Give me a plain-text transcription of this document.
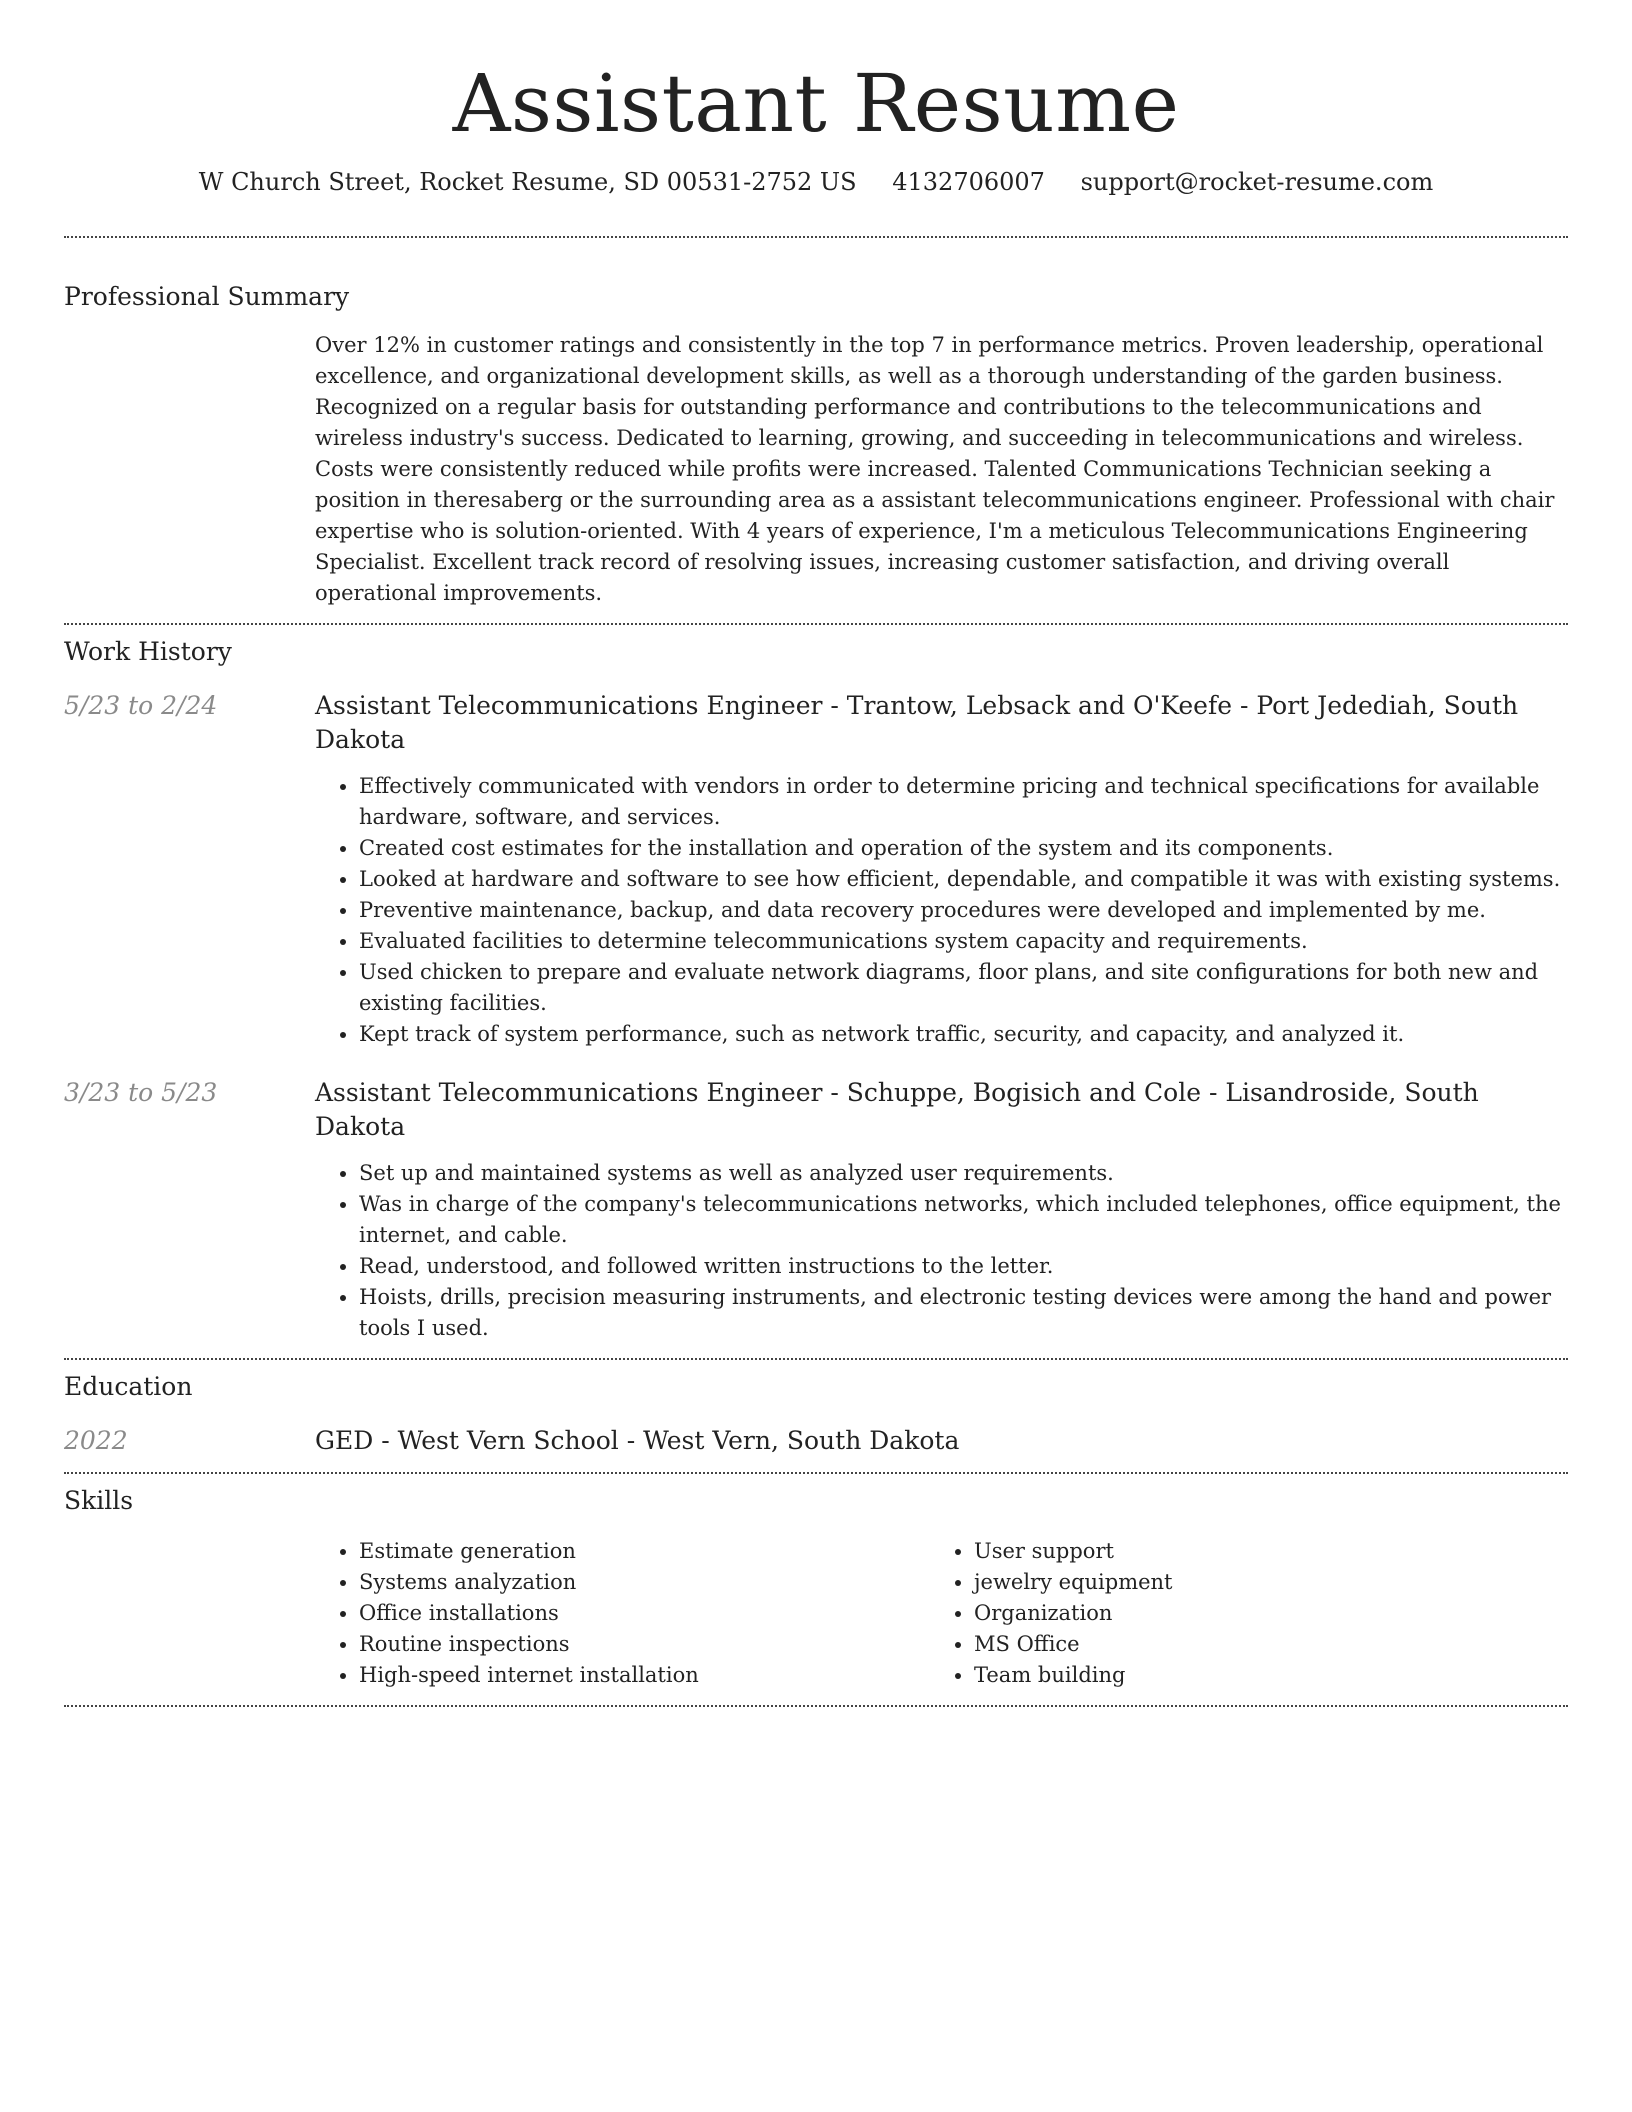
Assistant Resume
W Church Street, Rocket Resume, SD 00531-2752 US 4132706007 support@rocket-resume.com
Professional Summary
Over 12% in customer ratings and consistently in the top 7 in performance metrics. Proven leadership, operational excellence, and organizational development skills, as well as a thorough understanding of the garden business. Recognized on a regular basis for outstanding performance and contributions to the telecommunications and wireless industry's success. Dedicated to learning, growing, and succeeding in telecommunications and wireless. Costs were consistently reduced while profits were increased. Talented Communications Technician seeking a position in theresaberg or the surrounding area as a assistant telecommunications engineer. Professional with chair expertise who is solution-oriented. With 4 years of experience, I'm a meticulous Telecommunications Engineering Specialist. Excellent track record of resolving issues, increasing customer satisfaction, and driving overall operational improvements.
Work History
5/23 to 2/24	Assistant Telecommunications Engineer - Trantow, Lebsack and O'Keefe - Port Jedediah, South Dakota
• Effectively communicated with vendors in order to determine pricing and technical specifications for available hardware, software, and services.
• Created cost estimates for the installation and operation of the system and its components.
• Looked at hardware and software to see how efficient, dependable, and compatible it was with existing systems.
• Preventive maintenance, backup, and data recovery procedures were developed and implemented by me.
• Evaluated facilities to determine telecommunications system capacity and requirements.
• Used chicken to prepare and evaluate network diagrams, floor plans, and site configurations for both new and existing facilities.
• Kept track of system performance, such as network traffic, security, and capacity, and analyzed it.
3/23 to 5/23	Assistant Telecommunications Engineer - Schuppe, Bogisich and Cole - Lisandroside, South Dakota
• Set up and maintained systems as well as analyzed user requirements.
• Was in charge of the company's telecommunications networks, which included telephones, office equipment, the internet, and cable.
• Read, understood, and followed written instructions to the letter.
• Hoists, drills, precision measuring instruments, and electronic testing devices were among the hand and power tools I used.
Education
2022	GED - West Vern School - West Vern, South Dakota
Skills
• Estimate generation
• Systems analyzation
• Office installations
• Routine inspections
• High-speed internet installation
• User support
• jewelry equipment
• Organization
• MS Office
• Team building
